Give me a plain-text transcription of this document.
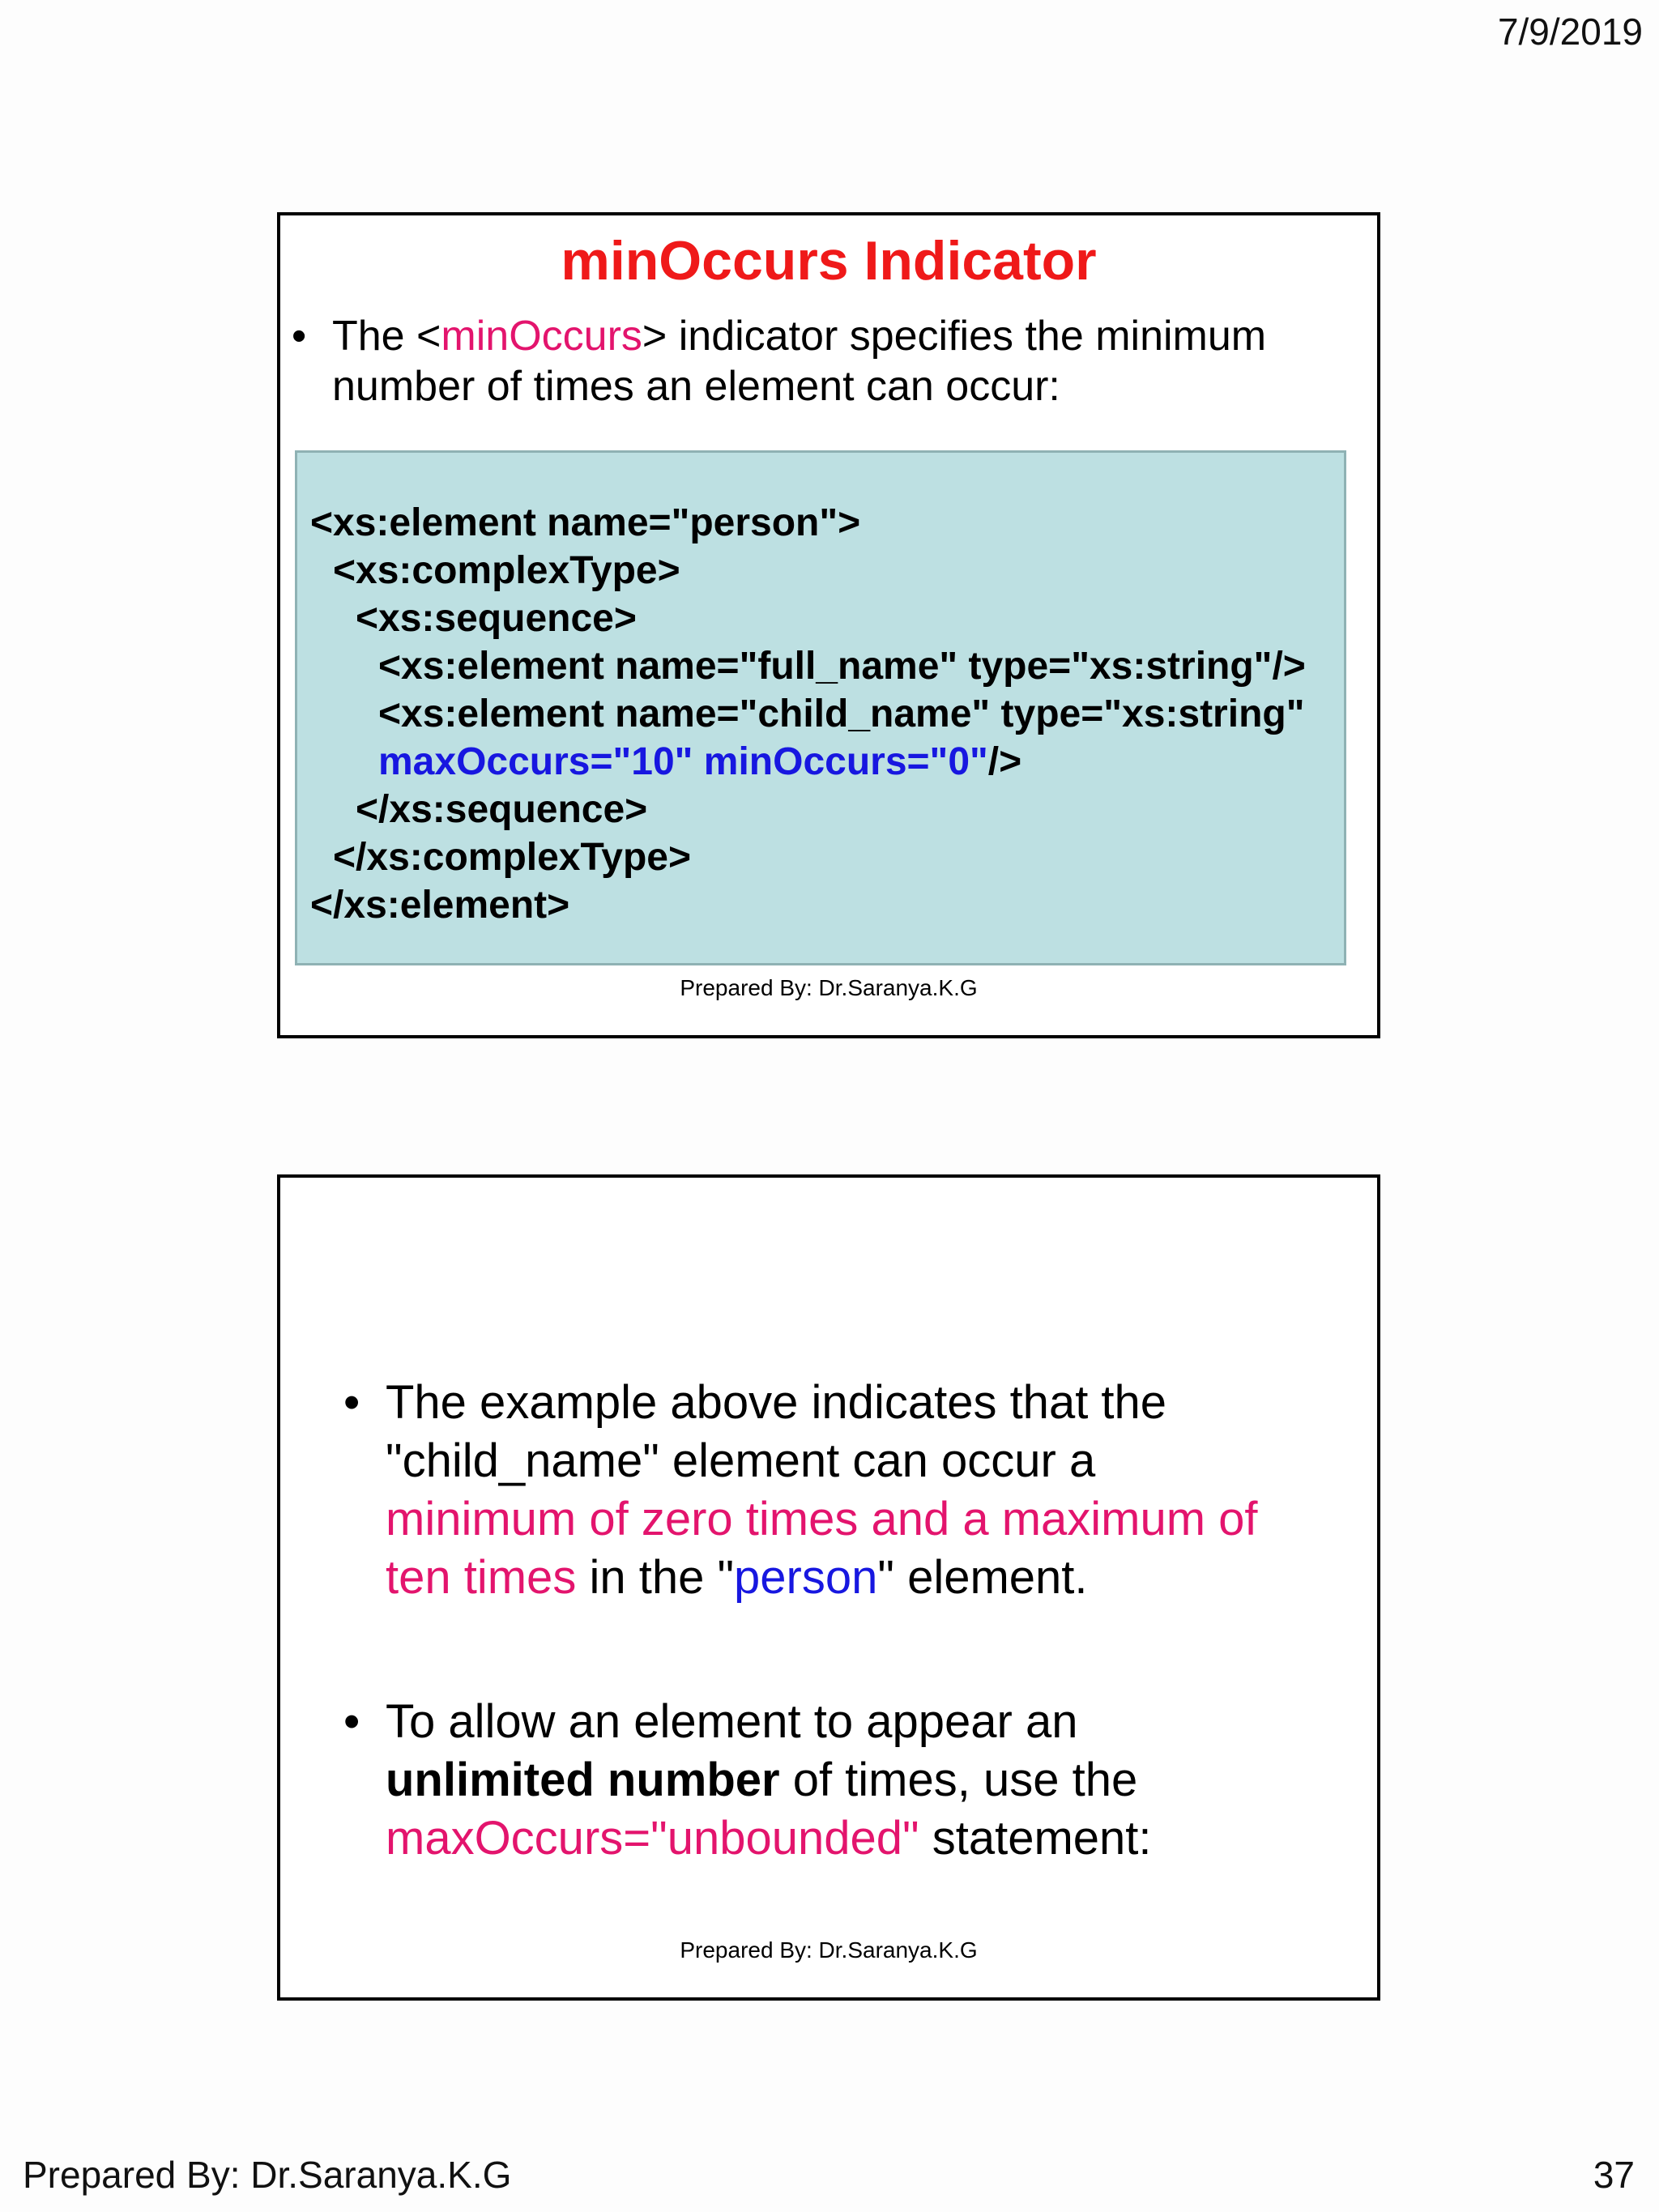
7/9/2019
minOccurs Indicator
• The <minOccurs> indicator specifies the minimum
number of times an element can occur:
<xs:element name="person">
<xs:complexType>
<xs:sequence>
<xs:element name="full_name" type="xs:string"/>
<xs:element name="child_name" type="xs:string"
maxOccurs="10" minOccurs="0"/>
</xs:sequence>
</xs:complexType>
</xs:element>
Prepared By: Dr.Saranya.K.G
• The example above indicates that the
"child_name" element can occur a
minimum of zero times and a maximum of
ten times in the "person" element.
• To allow an element to appear an
unlimited number of times, use the
maxOccurs="unbounded" statement:
Prepared By: Dr.Saranya.K.G
Prepared By: Dr.Saranya.K.G	37
